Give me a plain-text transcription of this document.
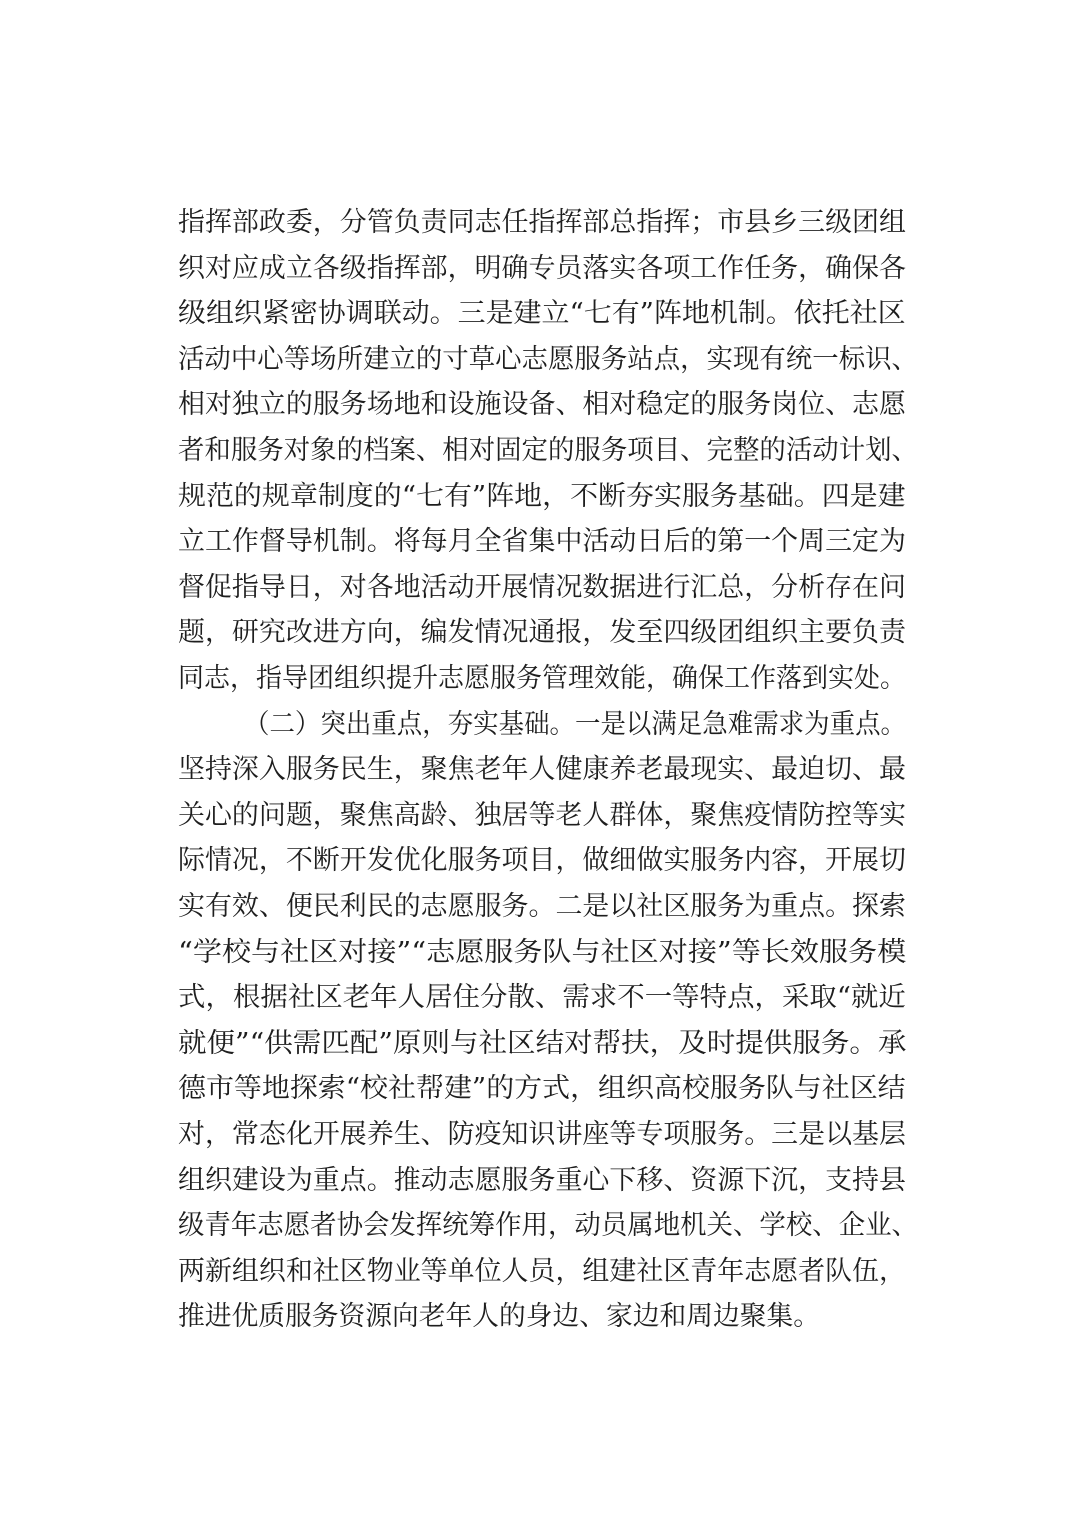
指挥部政委，分管负责同志任指挥部总指挥；市县乡三级团组
织对应成立各级指挥部，明确专员落实各项工作任务，确保各
级组织紧密协调联动。三是建立“七有”阵地机制。依托社区
活动中心等场所建立的寸草心志愿服务站点，实现有统一标识、
相对独立的服务场地和设施设备、相对稳定的服务岗位、志愿
者和服务对象的档案、相对固定的服务项目、完整的活动计划、
规范的规章制度的“七有”阵地，不断夯实服务基础。四是建
立工作督导机制。将每月全省集中活动日后的第一个周三定为
督促指导日，对各地活动开展情况数据进行汇总，分析存在问
题，研究改进方向，编发情况通报，发至四级团组织主要负责
同志，指导团组织提升志愿服务管理效能，确保工作落到实处。
（二）突出重点，夯实基础。一是以满足急难需求为重点。
坚持深入服务民生，聚焦老年人健康养老最现实、最迫切、最
关心的问题，聚焦高龄、独居等老人群体，聚焦疫情防控等实
际情况，不断开发优化服务项目，做细做实服务内容，开展切
实有效、便民利民的志愿服务。二是以社区服务为重点。探索
“学校与社区对接”“志愿服务队与社区对接”等长效服务模
式，根据社区老年人居住分散、需求不一等特点，采取“就近
就便”“供需匹配”原则与社区结对帮扶，及时提供服务。承
德市等地探索“校社帮建”的方式，组织高校服务队与社区结
对，常态化开展养生、防疫知识讲座等专项服务。三是以基层
组织建设为重点。推动志愿服务重心下移、资源下沉，支持县
级青年志愿者协会发挥统筹作用，动员属地机关、学校、企业、
两新组织和社区物业等单位人员，组建社区青年志愿者队伍，
推进优质服务资源向老年人的身边、家边和周边聚集。
